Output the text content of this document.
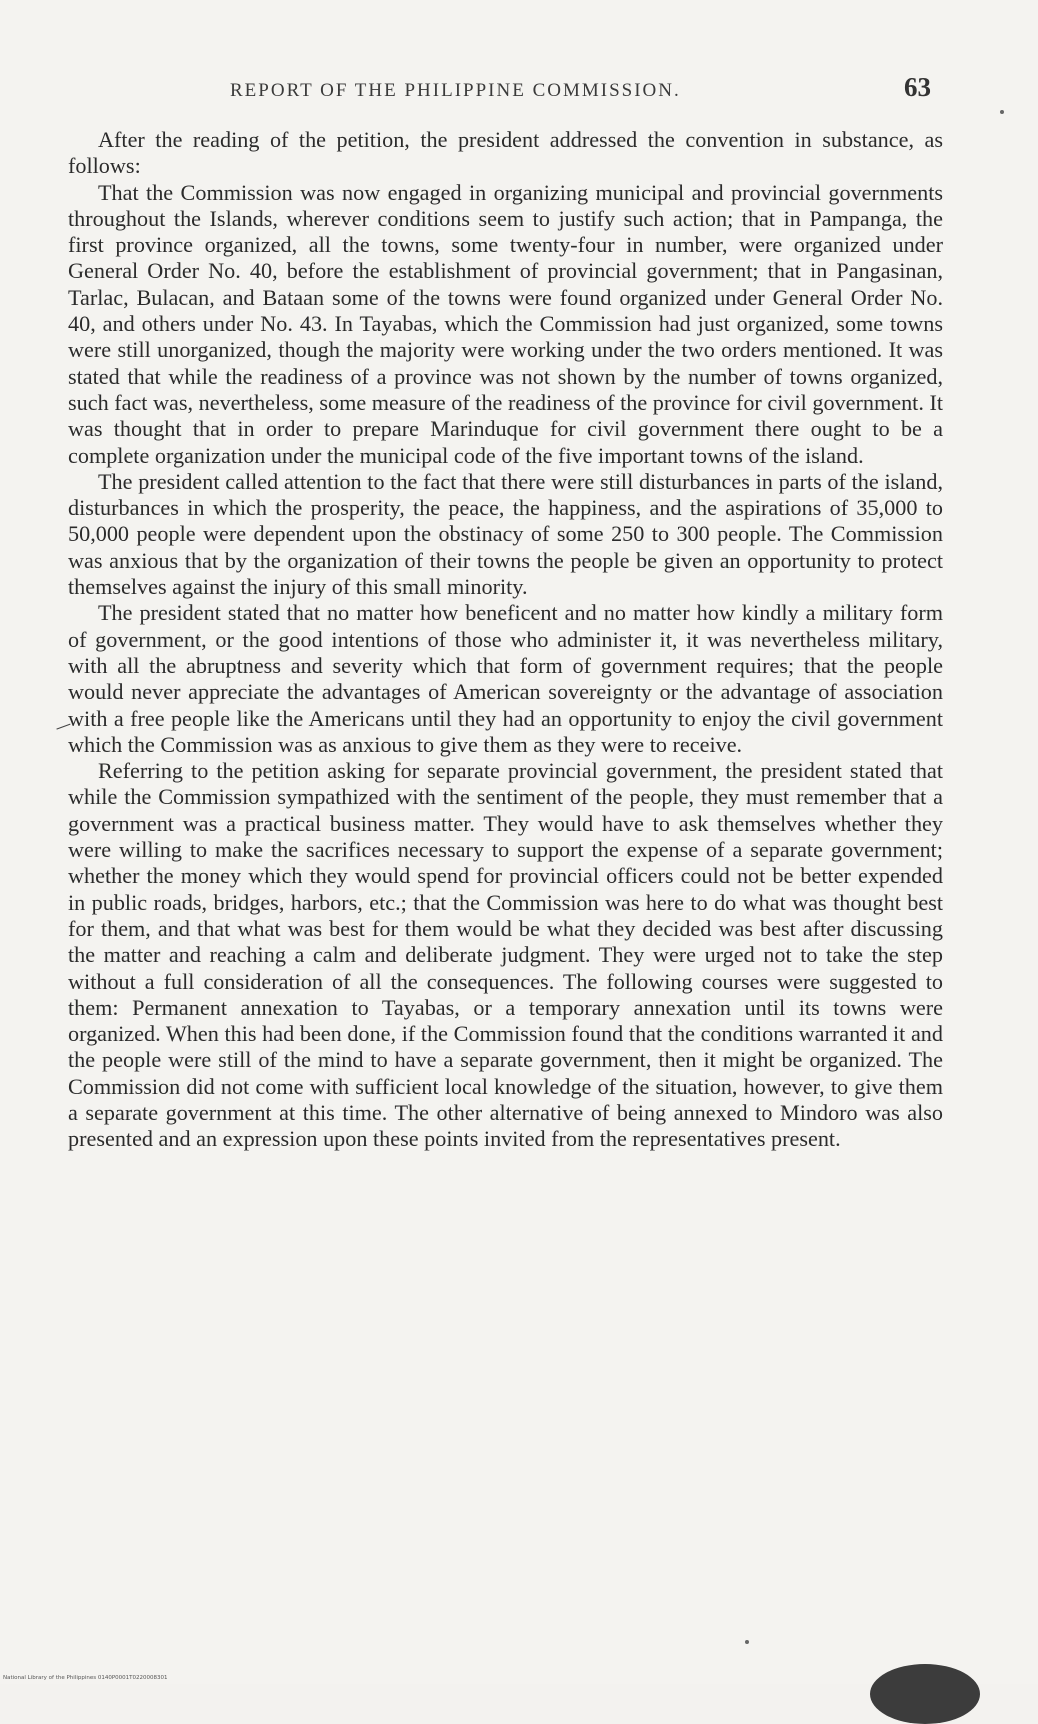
REPORT OF THE PHILIPPINE COMMISSION.	63

After the reading of the petition, the president addressed the convention in substance, as follows:

That the Commission was now engaged in organizing municipal and provincial governments throughout the Islands, wherever conditions seem to justify such action; that in Pampanga, the first province organized, all the towns, some twenty-four in number, were organized under General Order No. 40, before the establishment of provincial government; that in Pangasinan, Tarlac, Bulacan, and Bataan some of the towns were found organized under General Order No. 40, and others under No. 43. In Tayabas, which the Commission had just organized, some towns were still unorganized, though the majority were working under the two orders mentioned. It was stated that while the readiness of a province was not shown by the number of towns organized, such fact was, nevertheless, some measure of the readiness of the province for civil government. It was thought that in order to prepare Marinduque for civil government there ought to be a complete organization under the municipal code of the five important towns of the island.

The president called attention to the fact that there were still disturbances in parts of the island, disturbances in which the prosperity, the peace, the happiness, and the aspirations of 35,000 to 50,000 people were dependent upon the obstinacy of some 250 to 300 people. The Commission was anxious that by the organization of their towns the people be given an opportunity to protect themselves against the injury of this small minority.

The president stated that no matter how beneficent and no matter how kindly a military form of government, or the good intentions of those who administer it, it was nevertheless military, with all the abruptness and severity which that form of government requires; that the people would never appreciate the advantages of American sovereignty or the advantage of association with a free people like the Americans until they had an opportunity to enjoy the civil government which the Commission was as anxious to give them as they were to receive.

Referring to the petition asking for separate provincial government, the president stated that while the Commission sympathized with the sentiment of the people, they must remember that a government was a practical business matter. They would have to ask themselves whether they were willing to make the sacrifices necessary to support the expense of a separate government; whether the money which they would spend for provincial officers could not be better expended in public roads, bridges, harbors, etc.; that the Commission was here to do what was thought best for them, and that what was best for them would be what they decided was best after discussing the matter and reaching a calm and deliberate judgment. They were urged not to take the step without a full consideration of all the consequences. The following courses were suggested to them: Permanent annexation to Tayabas, or a temporary annexation until its towns were organized. When this had been done, if the Commission found that the conditions warranted it and the people were still of the mind to have a separate government, then it might be organized. The Commission did not come with sufficient local knowledge of the situation, however, to give them a separate government at this time. The other alternative of being annexed to Mindoro was also presented and an expression upon these points invited from the representatives present.

—
National Library of the Philippines 0140P0001T0220008301
